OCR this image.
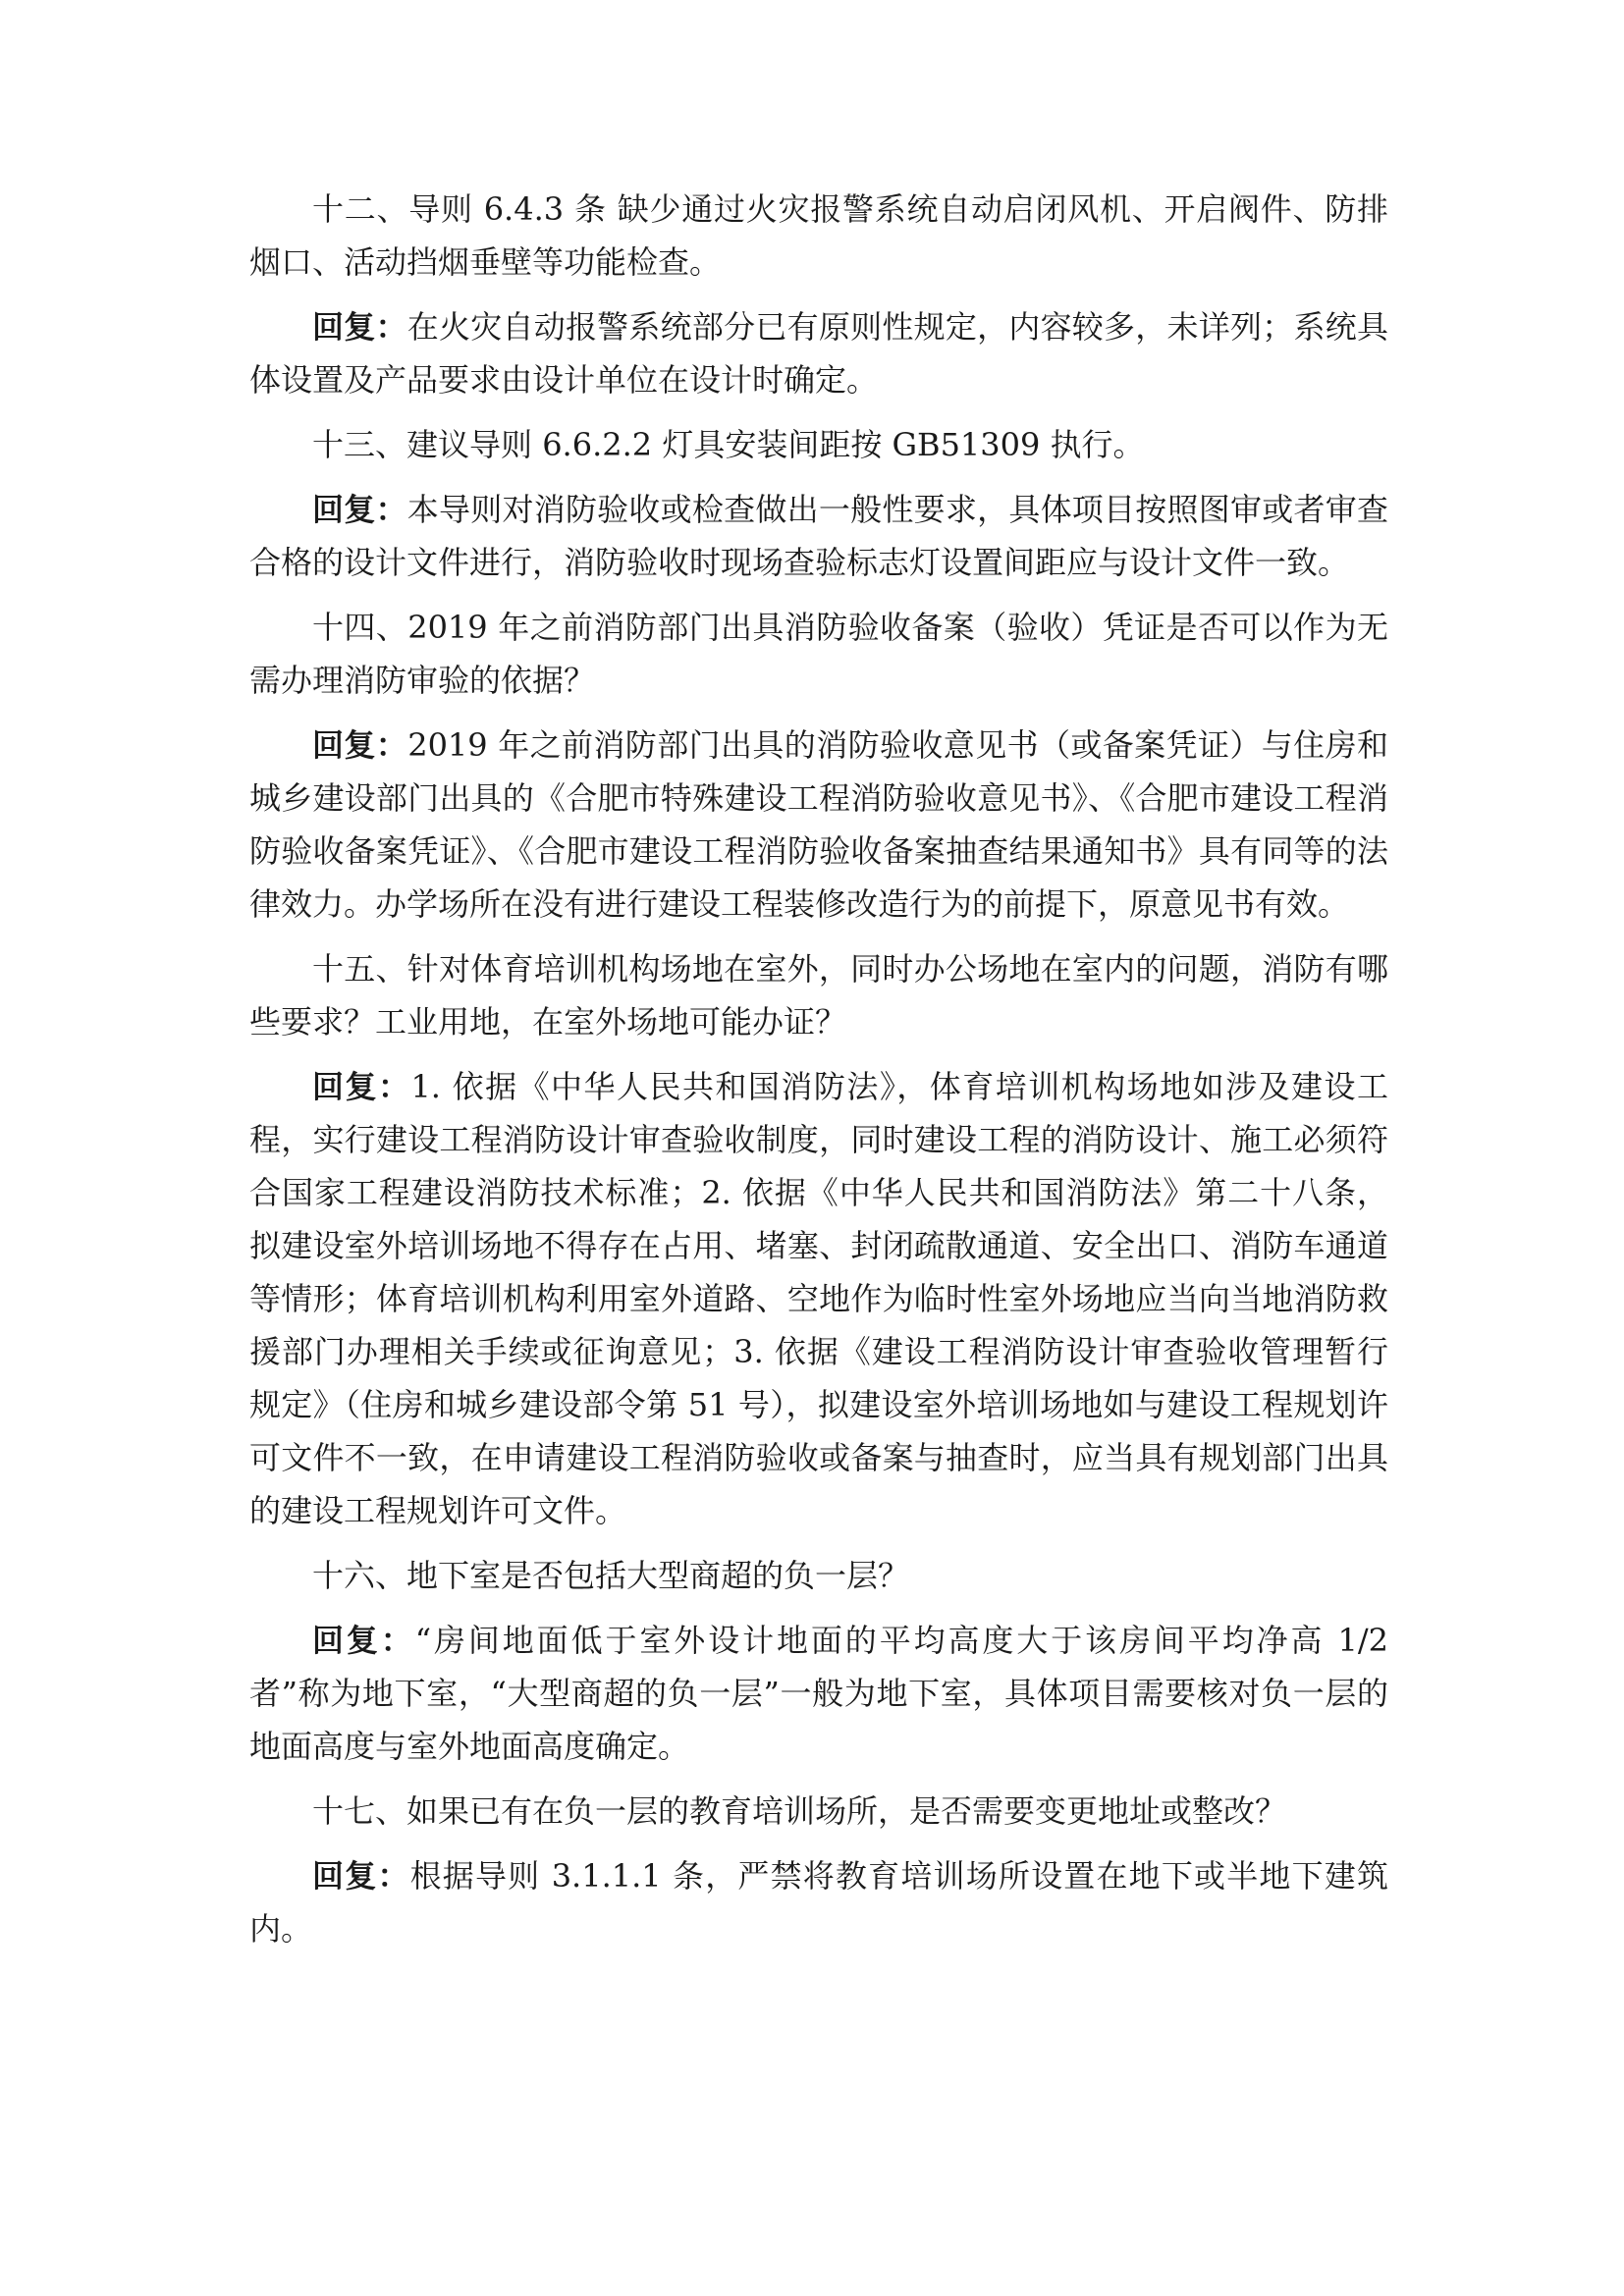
十二、导则 6.4.3 条 缺少通过火灾报警系统自动启闭风机、开启阀件、防排烟口、活动挡烟垂壁等功能检查。

回复：在火灾自动报警系统部分已有原则性规定，内容较多，未详列；系统具体设置及产品要求由设计单位在设计时确定。

十三、建议导则 6.6.2.2 灯具安装间距按 GB51309 执行。

回复：本导则对消防验收或检查做出一般性要求，具体项目按照图审或者审查合格的设计文件进行，消防验收时现场查验标志灯设置间距应与设计文件一致。

十四、2019 年之前消防部门出具消防验收备案（验收）凭证是否可以作为无需办理消防审验的依据？

回复：2019 年之前消防部门出具的消防验收意见书（或备案凭证）与住房和城乡建设部门出具的《合肥市特殊建设工程消防验收意见书》、《合肥市建设工程消防验收备案凭证》、《合肥市建设工程消防验收备案抽查结果通知书》具有同等的法律效力。办学场所在没有进行建设工程装修改造行为的前提下，原意见书有效。

十五、针对体育培训机构场地在室外，同时办公场地在室内的问题，消防有哪些要求？工业用地，在室外场地可能办证？

回复：1. 依据《中华人民共和国消防法》，体育培训机构场地如涉及建设工程，实行建设工程消防设计审查验收制度，同时建设工程的消防设计、施工必须符合国家工程建设消防技术标准；2. 依据《中华人民共和国消防法》第二十八条，拟建设室外培训场地不得存在占用、堵塞、封闭疏散通道、安全出口、消防车通道等情形；体育培训机构利用室外道路、空地作为临时性室外场地应当向当地消防救援部门办理相关手续或征询意见；3. 依据《建设工程消防设计审查验收管理暂行规定》（住房和城乡建设部令第 51 号），拟建设室外培训场地如与建设工程规划许可文件不一致，在申请建设工程消防验收或备案与抽查时，应当具有规划部门出具的建设工程规划许可文件。

十六、地下室是否包括大型商超的负一层？

回复：“房间地面低于室外设计地面的平均高度大于该房间平均净高 1/2 者”称为地下室，“大型商超的负一层”一般为地下室，具体项目需要核对负一层的地面高度与室外地面高度确定。

十七、如果已有在负一层的教育培训场所，是否需要变更地址或整改？

回复：根据导则 3.1.1.1 条，严禁将教育培训场所设置在地下或半地下建筑内。
